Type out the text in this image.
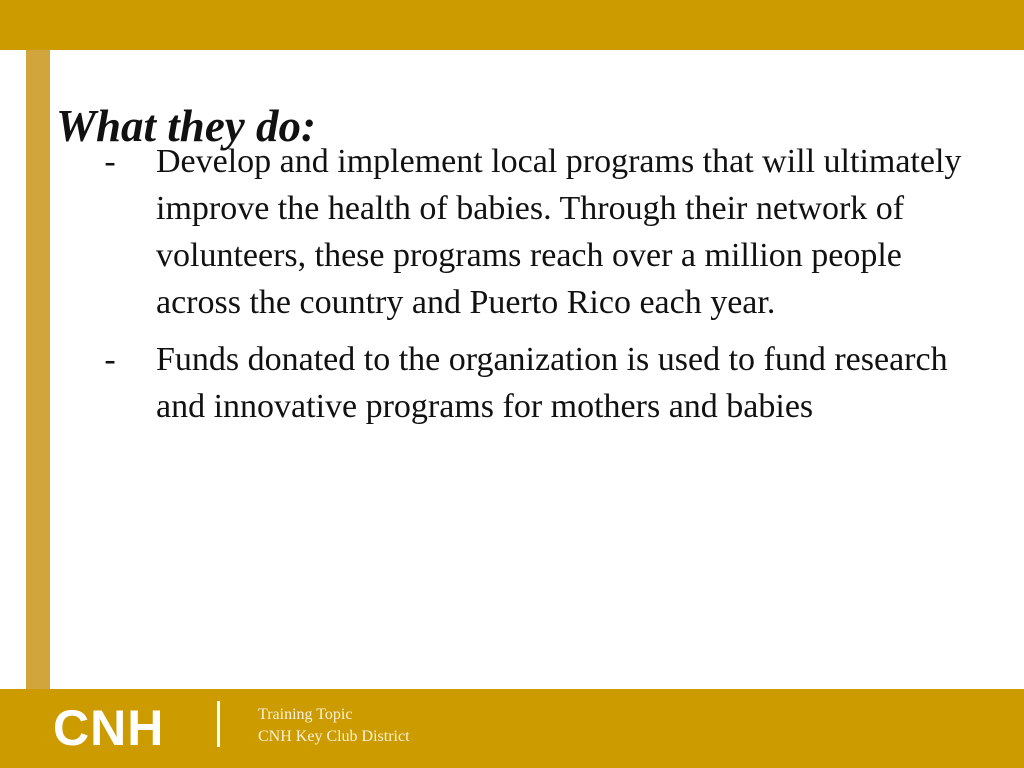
What they do:
- Develop and implement local programs that will ultimately improve the health of babies. Through their network of volunteers, these programs reach over a million people across the country and Puerto Rico each year.
- Funds donated to the organization is used to fund research and innovative programs for mothers and babies
CNH	Training Topic
CNH Key Club District
